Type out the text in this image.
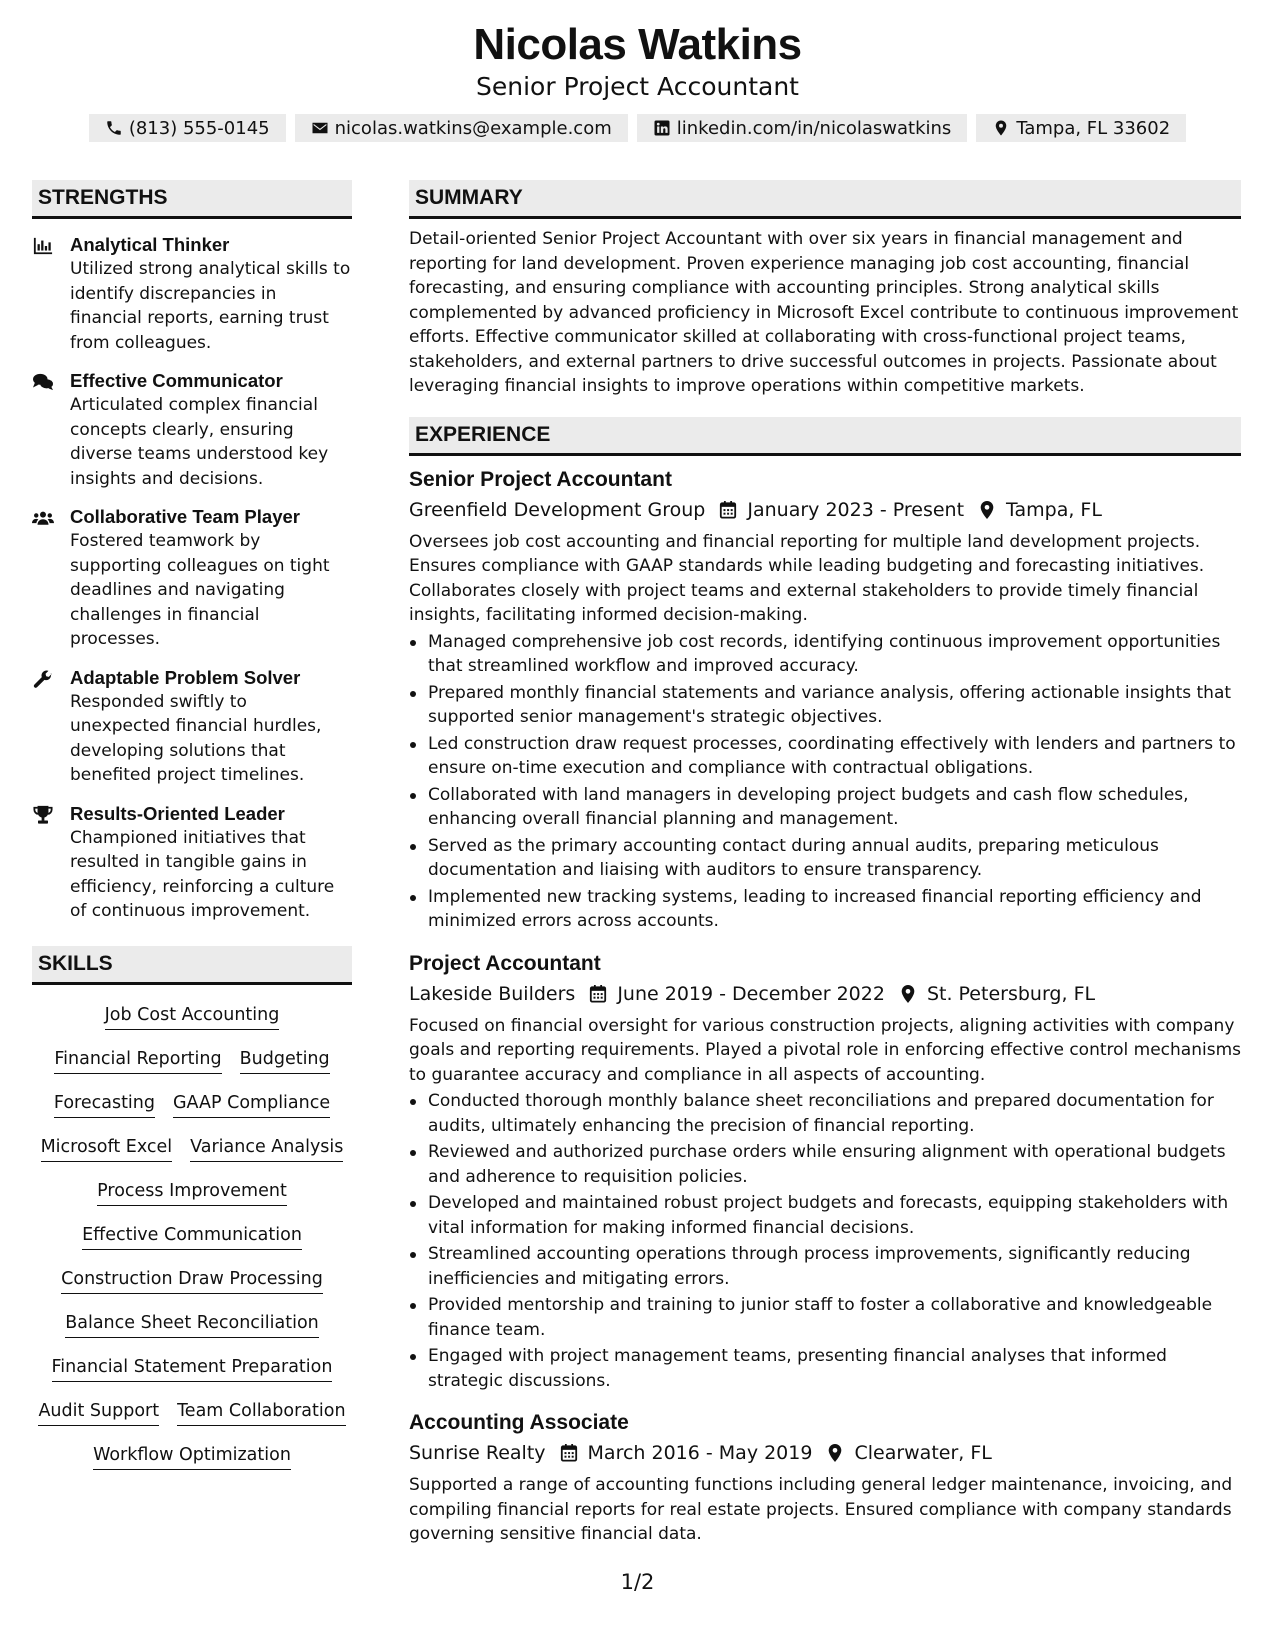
Nicolas Watkins
Senior Project Accountant
(813) 555-0145	nicolas.watkins@example.com	linkedin.com/in/nicolaswatkins	Tampa, FL 33602
STRENGTHS
Analytical Thinker
Utilized strong analytical skills to identify discrepancies in financial reports, earning trust from colleagues.
Effective Communicator
Articulated complex financial concepts clearly, ensuring diverse teams understood key insights and decisions.
Collaborative Team Player
Fostered teamwork by supporting colleagues on tight deadlines and navigating challenges in financial processes.
Adaptable Problem Solver
Responded swiftly to unexpected financial hurdles, developing solutions that benefited project timelines.
Results-Oriented Leader
Championed initiatives that resulted in tangible gains in efficiency, reinforcing a culture of continuous improvement.
SKILLS
Job Cost Accounting
Financial Reporting Budgeting
Forecasting GAAP Compliance
Microsoft Excel Variance Analysis
Process Improvement
Effective Communication
Construction Draw Processing
Balance Sheet Reconciliation
Financial Statement Preparation
Audit Support Team Collaboration
Workflow Optimization
SUMMARY
Detail-oriented Senior Project Accountant with over six years in financial management and reporting for land development. Proven experience managing job cost accounting, financial forecasting, and ensuring compliance with accounting principles. Strong analytical skills complemented by advanced proficiency in Microsoft Excel contribute to continuous improvement efforts. Effective communicator skilled at collaborating with cross-functional project teams, stakeholders, and external partners to drive successful outcomes in projects. Passionate about leveraging financial insights to improve operations within competitive markets.
EXPERIENCE
Senior Project Accountant
Greenfield Development Group January 2023 - Present Tampa, FL
Oversees job cost accounting and financial reporting for multiple land development projects. Ensures compliance with GAAP standards while leading budgeting and forecasting initiatives. Collaborates closely with project teams and external stakeholders to provide timely financial insights, facilitating informed decision-making.
Managed comprehensive job cost records, identifying continuous improvement opportunities that streamlined workflow and improved accuracy.
Prepared monthly financial statements and variance analysis, offering actionable insights that supported senior management's strategic objectives.
Led construction draw request processes, coordinating effectively with lenders and partners to ensure on-time execution and compliance with contractual obligations.
Collaborated with land managers in developing project budgets and cash flow schedules, enhancing overall financial planning and management.
Served as the primary accounting contact during annual audits, preparing meticulous documentation and liaising with auditors to ensure transparency.
Implemented new tracking systems, leading to increased financial reporting efficiency and minimized errors across accounts.
Project Accountant
Lakeside Builders June 2019 - December 2022 St. Petersburg, FL
Focused on financial oversight for various construction projects, aligning activities with company goals and reporting requirements. Played a pivotal role in enforcing effective control mechanisms to guarantee accuracy and compliance in all aspects of accounting.
Conducted thorough monthly balance sheet reconciliations and prepared documentation for audits, ultimately enhancing the precision of financial reporting.
Reviewed and authorized purchase orders while ensuring alignment with operational budgets and adherence to requisition policies.
Developed and maintained robust project budgets and forecasts, equipping stakeholders with vital information for making informed financial decisions.
Streamlined accounting operations through process improvements, significantly reducing inefficiencies and mitigating errors.
Provided mentorship and training to junior staff to foster a collaborative and knowledgeable finance team.
Engaged with project management teams, presenting financial analyses that informed strategic discussions.
Accounting Associate
Sunrise Realty March 2016 - May 2019 Clearwater, FL
Supported a range of accounting functions including general ledger maintenance, invoicing, and compiling financial reports for real estate projects. Ensured compliance with company standards governing sensitive financial data.
1/2
